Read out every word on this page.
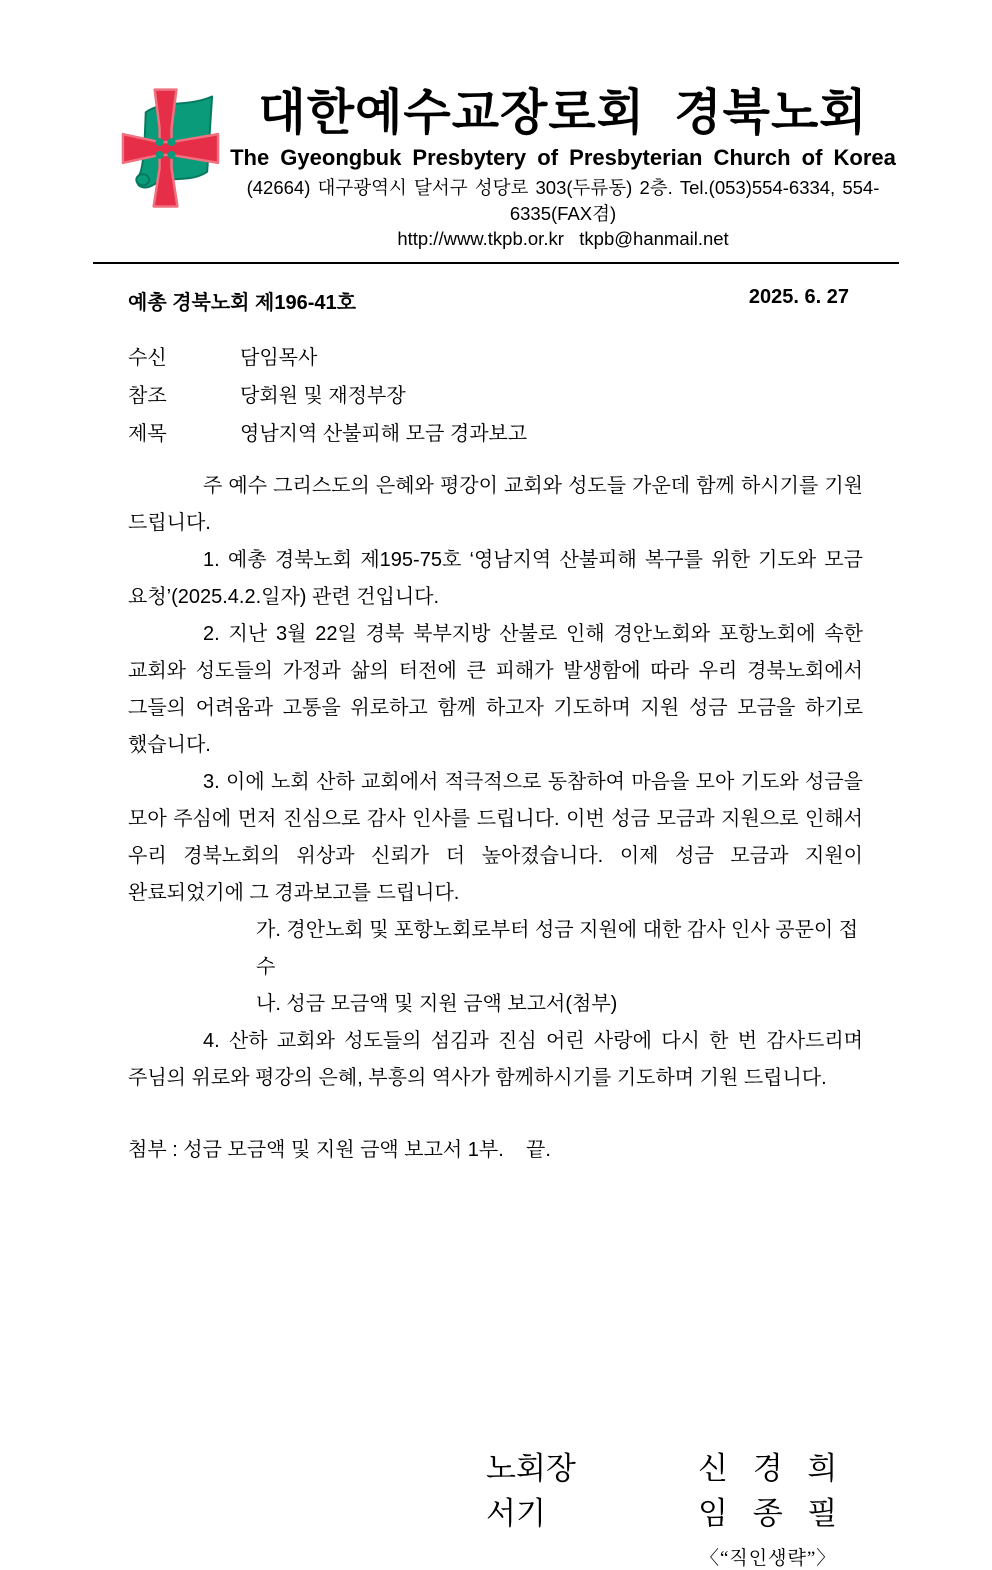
대한예수교장로회  경북노회
The Gyeongbuk Presbytery of Presbyterian Church of Korea
(42664) 대구광역시 달서구 성당로 303(두류동) 2층. Tel.(053)554-6334, 554-6335(FAX겸)
http://www.tkpb.or.kr   tkpb@hanmail.net
예총 경북노회 제196-41호	2025. 6. 27
수신	담임목사
참조	당회원 및 재정부장
제목	영남지역 산불피해 모금 경과보고

주 예수 그리스도의 은혜와 평강이 교회와 성도들 가운데 함께 하시기를 기원 드립니다.

1. 예총 경북노회 제195-75호 ‘영남지역 산불피해 복구를 위한 기도와 모금 요청’(2025.4.2.일자) 관련 건입니다.

2. 지난 3월 22일 경북 북부지방 산불로 인해 경안노회와 포항노회에 속한 교회와 성도들의 가정과 삶의 터전에 큰 피해가 발생함에 따라 우리 경북노회에서 그들의 어려움과 고통을 위로하고 함께 하고자 기도하며 지원 성금 모금을 하기로 했습니다.

3. 이에 노회 산하 교회에서 적극적으로 동참하여 마음을 모아 기도와 성금을 모아 주심에 먼저 진심으로 감사 인사를 드립니다. 이번 성금 모금과 지원으로 인해서 우리 경북노회의 위상과 신뢰가 더 높아졌습니다. 이제 성금 모금과 지원이 완료되었기에 그 경과보고를 드립니다.

가. 경안노회 및 포항노회로부터 성금 지원에 대한 감사 인사 공문이 접수

나. 성금 모금액 및 지원 금액 보고서(첨부)

4. 산하 교회와 성도들의 섬김과 진심 어린 사랑에 다시 한 번 감사드리며 주님의 위로와 평강의 은혜, 부흥의 역사가 함께하시기를 기도하며 기원 드립니다.

첨부 : 성금 모금액 및 지원 금액 보고서 1부.    끝.
노회장	신 경 희
서기	임 종 필
〈“직인생략”〉
